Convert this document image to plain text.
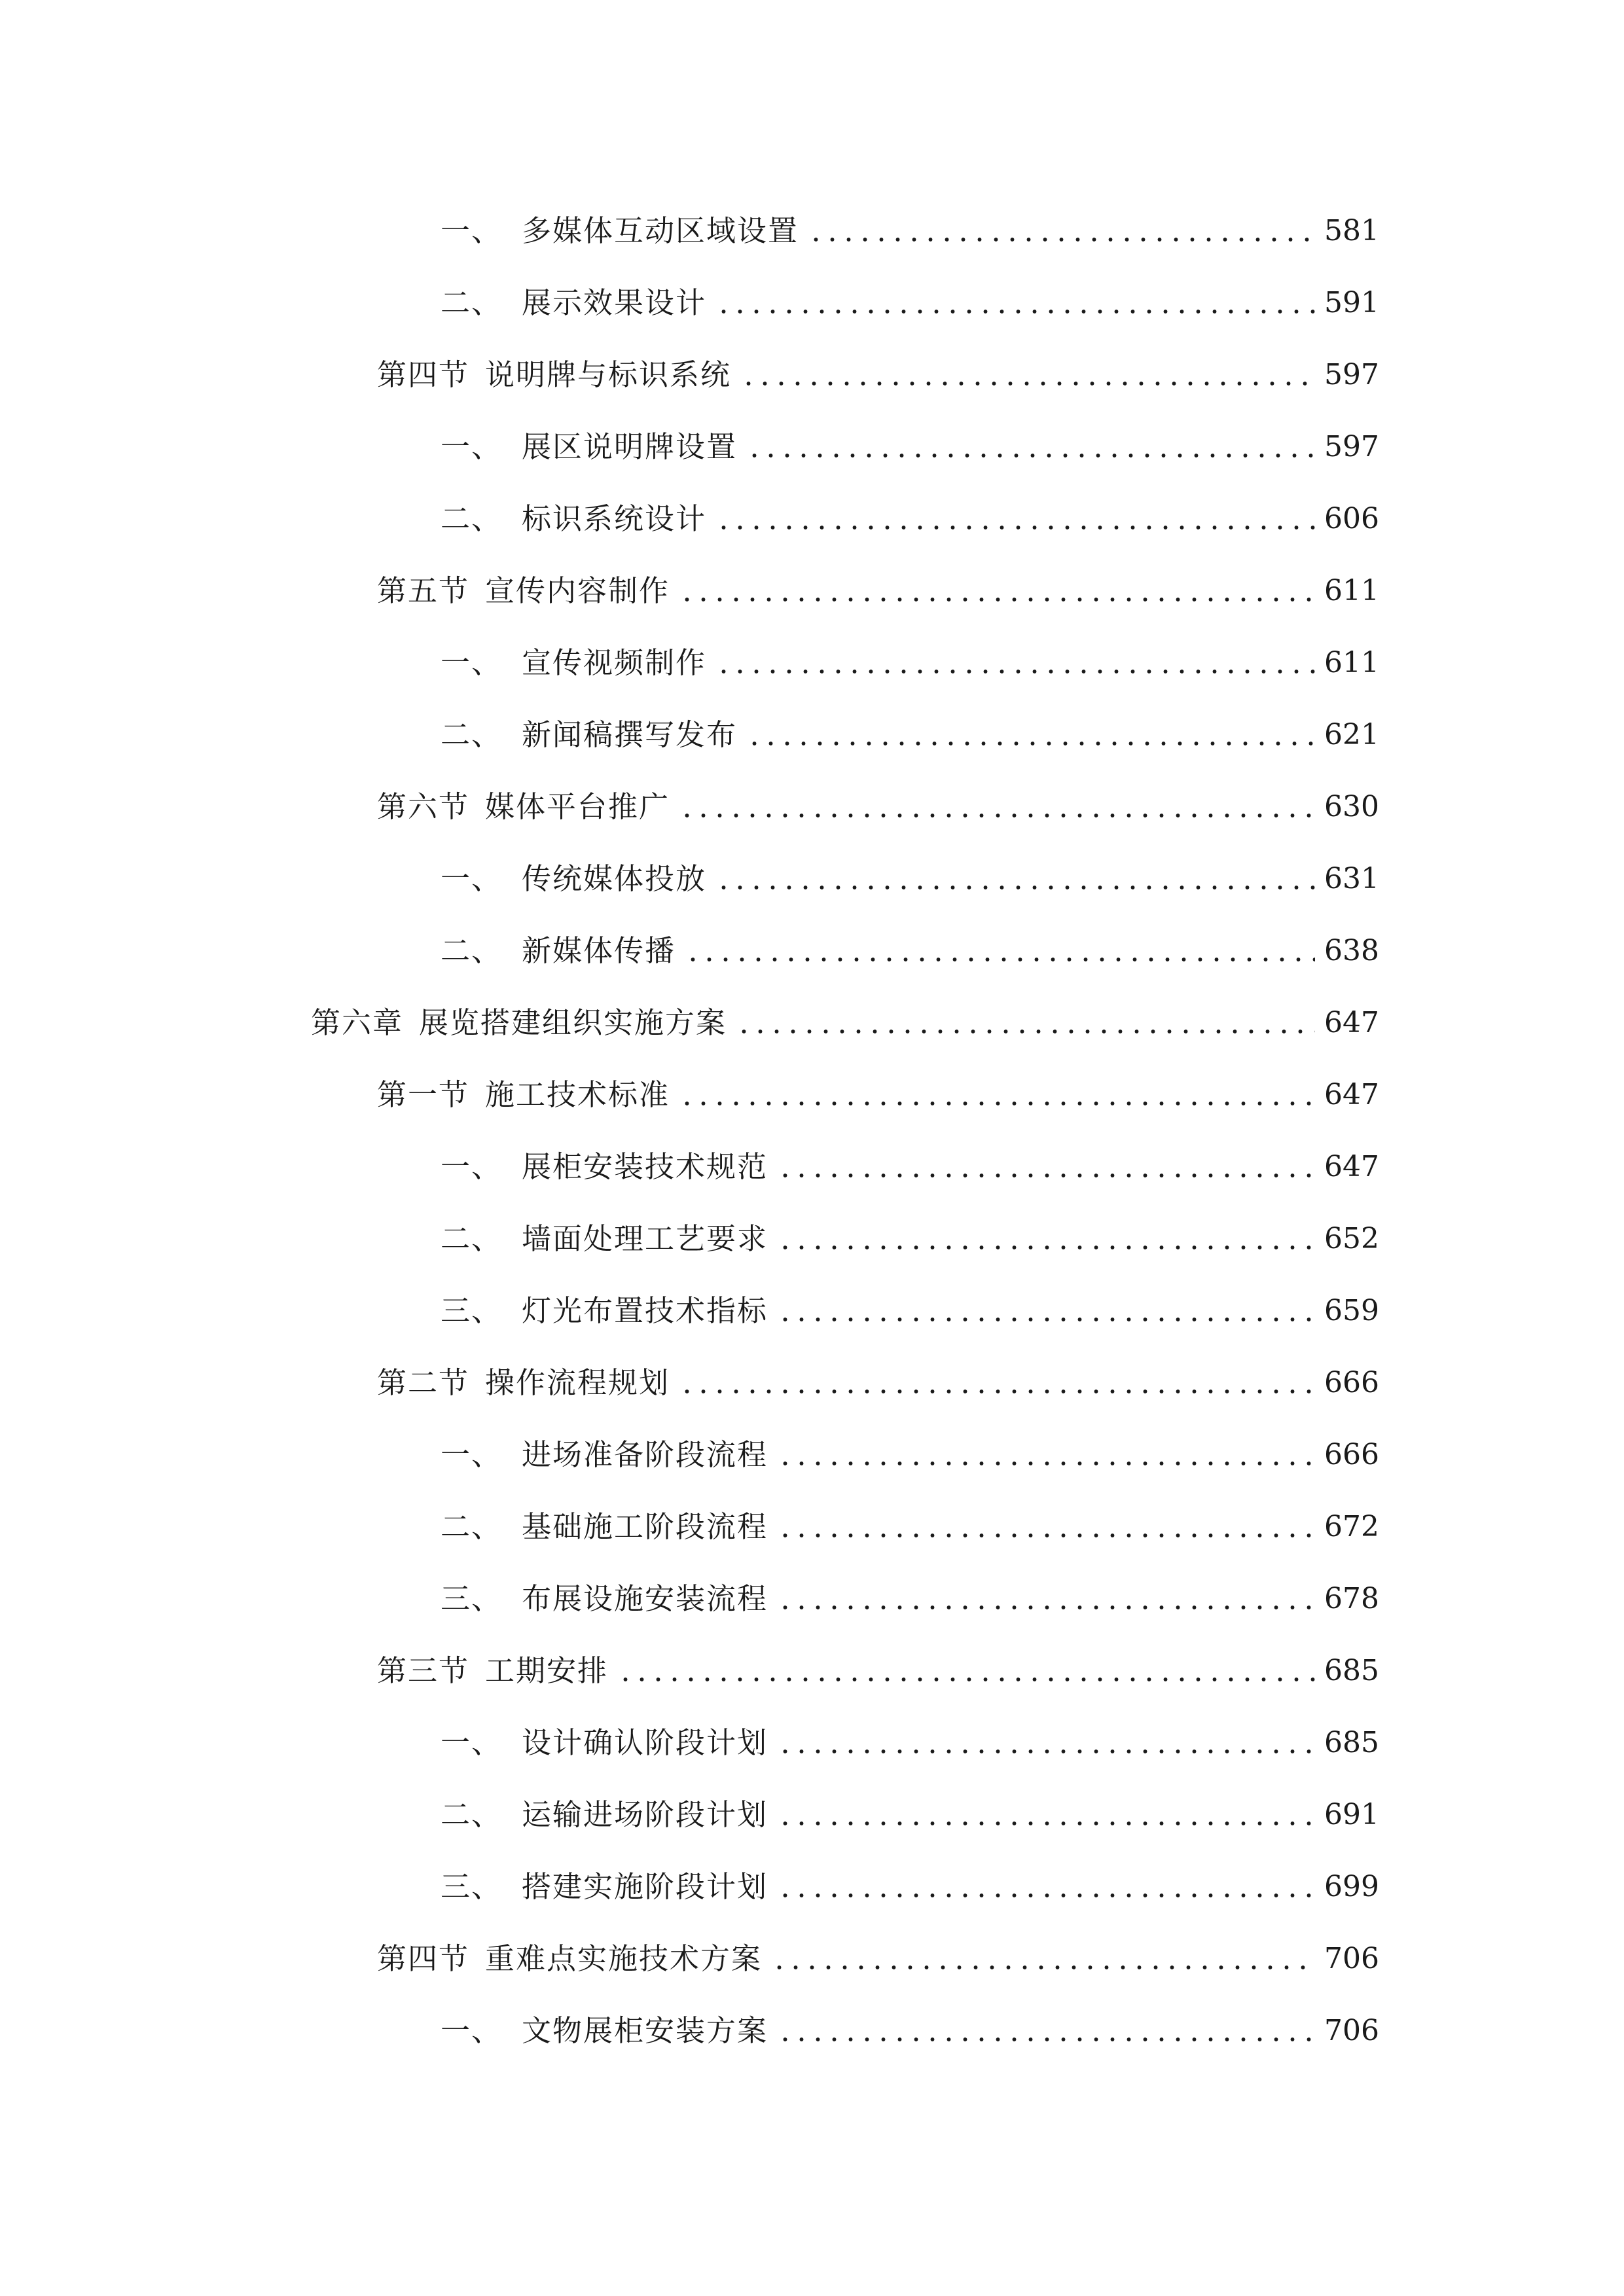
一、 多媒体互动区域设置	581
二、 展示效果设计	591
第四节 说明牌与标识系统	597
一、 展区说明牌设置	597
二、 标识系统设计	606
第五节 宣传内容制作	611
一、 宣传视频制作	611
二、 新闻稿撰写发布	621
第六节 媒体平台推广	630
一、 传统媒体投放	631
二、 新媒体传播	638
第六章 展览搭建组织实施方案	647
第一节 施工技术标准	647
一、 展柜安装技术规范	647
二、 墙面处理工艺要求	652
三、 灯光布置技术指标	659
第二节 操作流程规划	666
一、 进场准备阶段流程	666
二、 基础施工阶段流程	672
三、 布展设施安装流程	678
第三节 工期安排	685
一、 设计确认阶段计划	685
二、 运输进场阶段计划	691
三、 搭建实施阶段计划	699
第四节 重难点实施技术方案	706
一、 文物展柜安装方案	706
